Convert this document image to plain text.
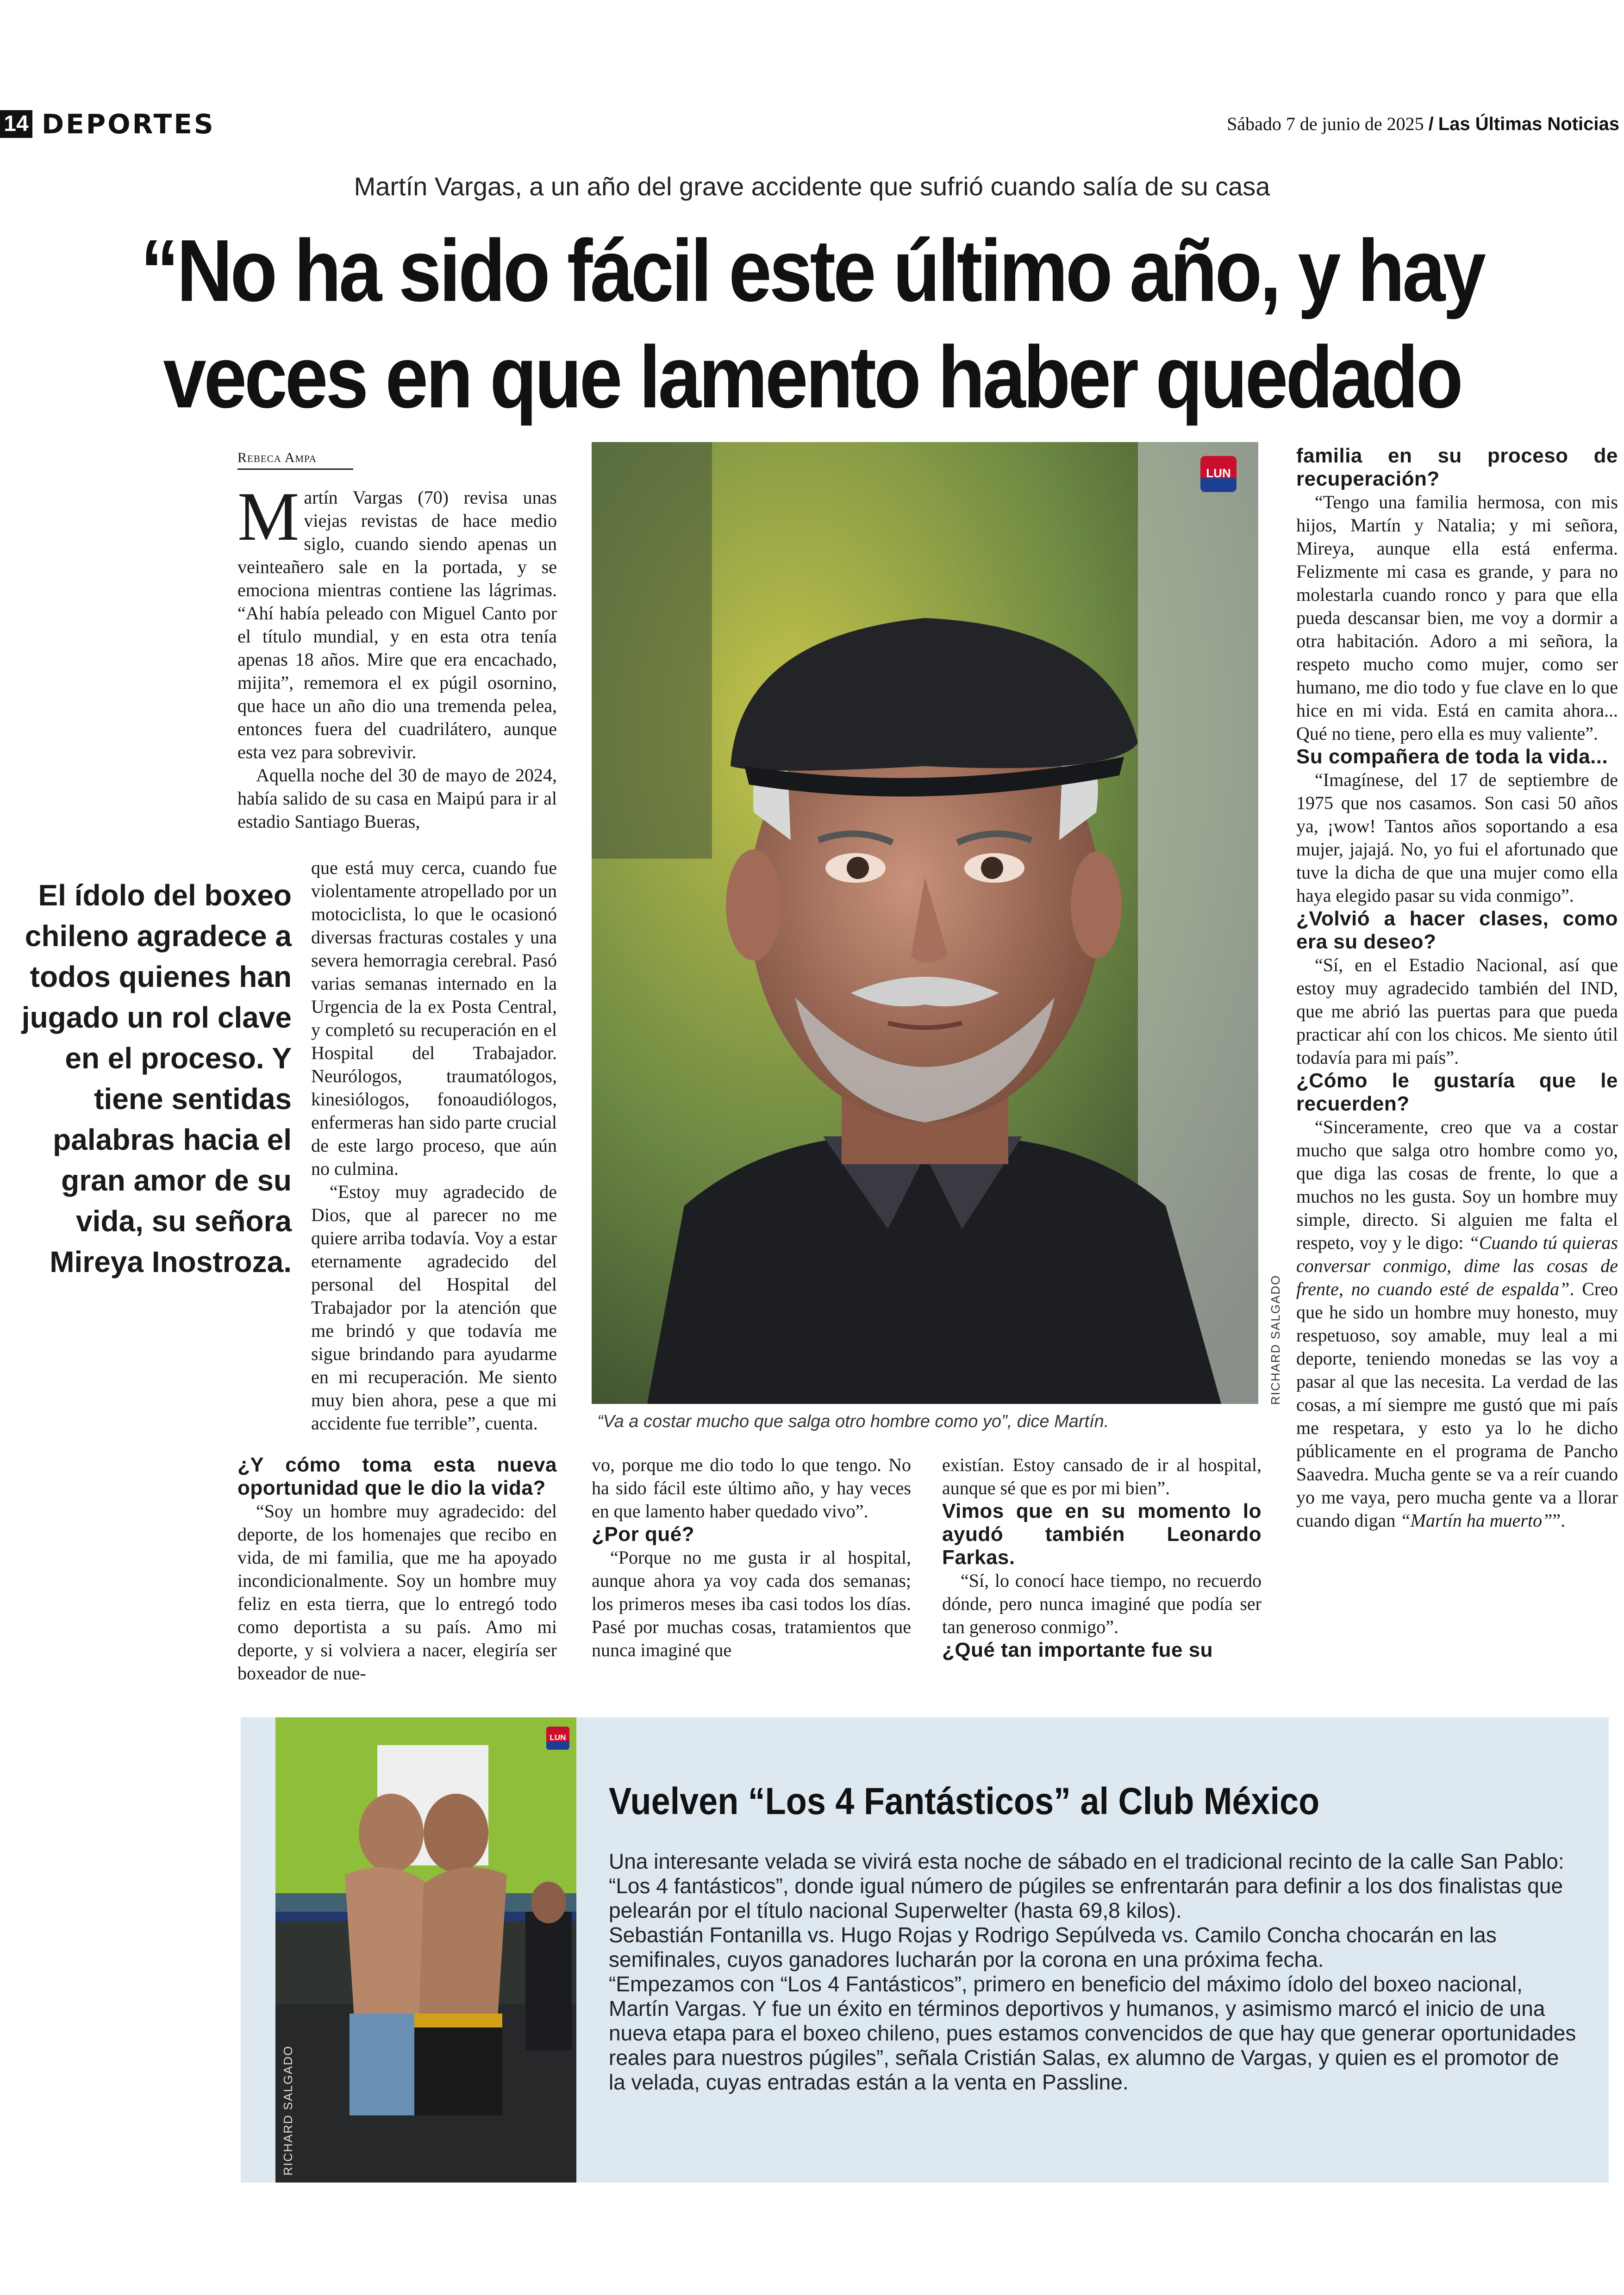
14 DEPORTES	Sábado 7 de junio de 2025 / Las Últimas Noticias
Martín Vargas, a un año del grave accidente que sufrió cuando salía de su casa
“No ha sido fácil este último año, y hay
veces en que lamento haber quedado
Rebeca Ampa

Martín Vargas (70) revisa unas viejas revistas de hace medio siglo, cuando siendo apenas un veinteañero sale en la portada, y se emociona mientras contiene las lágrimas. “Ahí había peleado con Miguel Canto por el título mundial, y en esta otra tenía apenas 18 años. Mire que era encachado, mijita”, rememora el ex púgil osornino, que hace un año dio una tremenda pelea, entonces fuera del cuadrilátero, aunque esta vez para sobrevivir.

Aquella noche del 30 de mayo de 2024, había salido de su casa en Maipú para ir al estadio Santiago Bueras,

El ídolo del boxeo chileno agradece a todos quienes han jugado un rol clave en el proceso. Y tiene sentidas palabras hacia el gran amor de su vida, su señora Mireya Inostroza.

que está muy cerca, cuando fue violentamente atropellado por un motociclista, lo que le ocasionó diversas fracturas costales y una severa hemorragia cerebral. Pasó varias semanas internado en la Urgencia de la ex Posta Central, y completó su recuperación en el Hospital del Trabajador. Neurólogos, traumatólogos, kinesiólogos, fonoaudiólogos, enfermeras han sido parte crucial de este largo proceso, que aún no culmina.

“Estoy muy agradecido de Dios, que al parecer no me quiere arriba todavía. Voy a estar eternamente agradecido del personal del Hospital del Trabajador por la atención que me brindó y que todavía me sigue brindando para ayudarme en mi recuperación. Me siento muy bien ahora, pese a que mi accidente fue terrible”, cuenta.

¿Y cómo toma esta nueva oportunidad que le dio la vida?

“Soy un hombre muy agradecido: del deporte, de los homenajes que recibo en vida, de mi familia, que me ha apoyado incondicionalmente. Soy un hombre muy feliz en esta tierra, que lo entregó todo como deportista a su país. Amo mi deporte, y si volviera a nacer, elegiría ser boxeador de nue-

LUN
RICHARD SALGADO
“Va a costar mucho que salga otro hombre como yo”, dice Martín.

vo, porque me dio todo lo que tengo. No ha sido fácil este último año, y hay veces en que lamento haber quedado vivo”.

¿Por qué?

“Porque no me gusta ir al hospital, aunque ahora ya voy cada dos semanas; los primeros meses iba casi todos los días. Pasé por muchas cosas, tratamientos que nunca imaginé que

existían. Estoy cansado de ir al hospital, aunque sé que es por mi bien”.

Vimos que en su momento lo ayudó también Leonardo Farkas.

“Sí, lo conocí hace tiempo, no recuerdo dónde, pero nunca imaginé que podía ser tan generoso conmigo”.

¿Qué tan importante fue su

familia en su proceso de recuperación?

“Tengo una familia hermosa, con mis hijos, Martín y Natalia; y mi señora, Mireya, aunque ella está enferma. Felizmente mi casa es grande, y para no molestarla cuando ronco y para que ella pueda descansar bien, me voy a dormir a otra habitación. Adoro a mi señora, la respeto mucho como mujer, como ser humano, me dio todo y fue clave en lo que hice en mi vida. Está en camita ahora... Qué no tiene, pero ella es muy valiente”.

Su compañera de toda la vida...

“Imagínese, del 17 de septiembre de 1975 que nos casamos. Son casi 50 años ya, ¡wow! Tantos años soportando a esa mujer, jajajá. No, yo fui el afortunado que tuve la dicha de que una mujer como ella haya elegido pasar su vida conmigo”.

¿Volvió a hacer clases, como era su deseo?

“Sí, en el Estadio Nacional, así que estoy muy agradecido también del IND, que me abrió las puertas para que pueda practicar ahí con los chicos. Me siento útil todavía para mi país”.

¿Cómo le gustaría que le recuerden?

“Sinceramente, creo que va a costar mucho que salga otro hombre como yo, que diga las cosas de frente, lo que a muchos no les gusta. Soy un hombre muy simple, directo. Si alguien me falta el respeto, voy y le digo: “Cuando tú quieras conversar conmigo, dime las cosas de frente, no cuando esté de espalda”. Creo que he sido un hombre muy honesto, muy respetuoso, soy amable, muy leal a mi deporte, teniendo monedas se las voy a pasar al que las necesita. La verdad de las cosas, a mí siempre me gustó que mi país me respetara, y esto ya lo he dicho públicamente en el programa de Pancho Saavedra. Mucha gente se va a reír cuando yo me vaya, pero mucha gente va a llorar cuando digan “Martín ha muerto””.

LUN
RICHARD SALGADO
Vuelven “Los 4 Fantásticos” al Club México

Una interesante velada se vivirá esta noche de sábado en el tradicional recinto de la calle San Pablo: “Los 4 fantásticos”, donde igual número de púgiles se enfrentarán para definir a los dos finalistas que pelearán por el título nacional Superwelter (hasta 69,8 kilos).

Sebastián Fontanilla vs. Hugo Rojas y Rodrigo Sepúlveda vs. Camilo Concha chocarán en las semifinales, cuyos ganadores lucharán por la corona en una próxima fecha.

“Empezamos con “Los 4 Fantásticos”, primero en beneficio del máximo ídolo del boxeo nacional, Martín Vargas. Y fue un éxito en términos deportivos y humanos, y asimismo marcó el inicio de una nueva etapa para el boxeo chileno, pues estamos convencidos de que hay que generar oportunidades reales para nuestros púgiles”, señala Cristián Salas, ex alumno de Vargas, y quien es el promotor de la velada, cuyas entradas están a la venta en Passline.
